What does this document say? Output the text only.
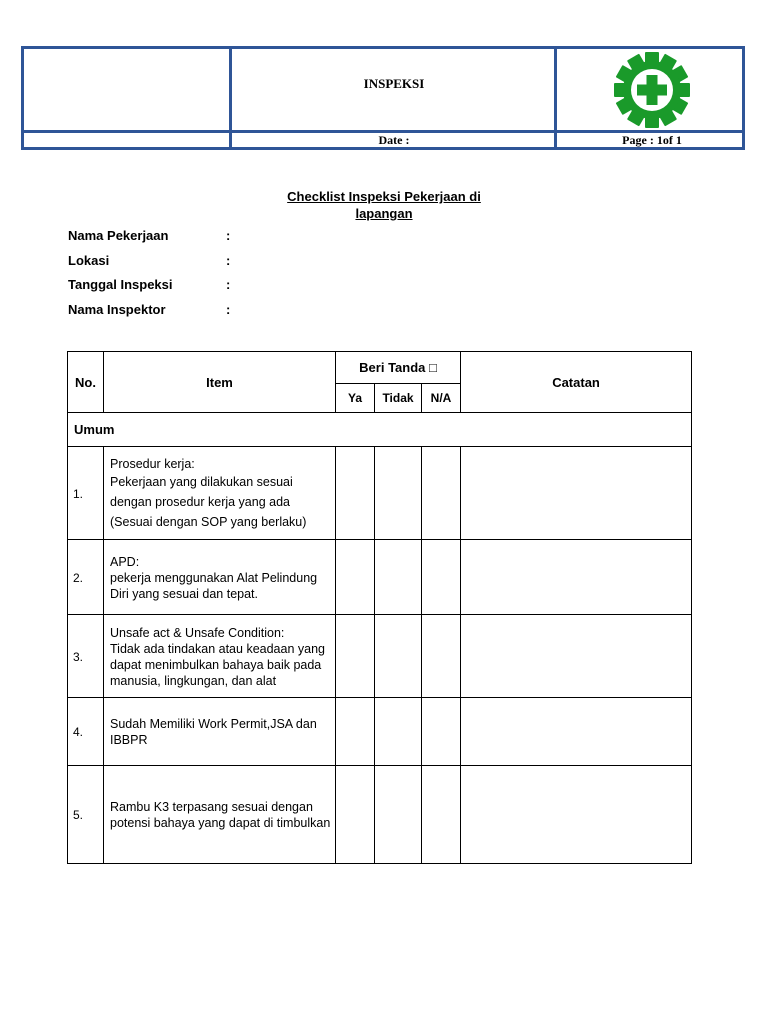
INSPEKSI
Date :	Page : 1of 1
Checklist Inspeksi Pekerjaan di
lapangan
Nama Pekerjaan	:
Lokasi	:
Tanggal Inspeksi	:
Nama Inspektor	:
No.	Item	Beri Tanda □			Catatan
		Ya	Tidak	N/A	
Umum					
1.	Prosedur kerja:
Pekerjaan yang dilakukan sesuai dengan prosedur kerja yang ada (Sesuai dengan SOP yang berlaku)				

2.	APD:
pekerja menggunakan Alat Pelindung Diri yang sesuai dan tepat.				

3.	Unsafe act & Unsafe Condition:
Tidak ada tindakan atau keadaan yang dapat menimbulkan bahaya baik pada manusia, lingkungan, dan alat				

4.	Sudah Memiliki Work Permit,JSA dan IBBPR				

5.	Rambu K3 terpasang sesuai dengan potensi bahaya yang dapat di timbulkan				
